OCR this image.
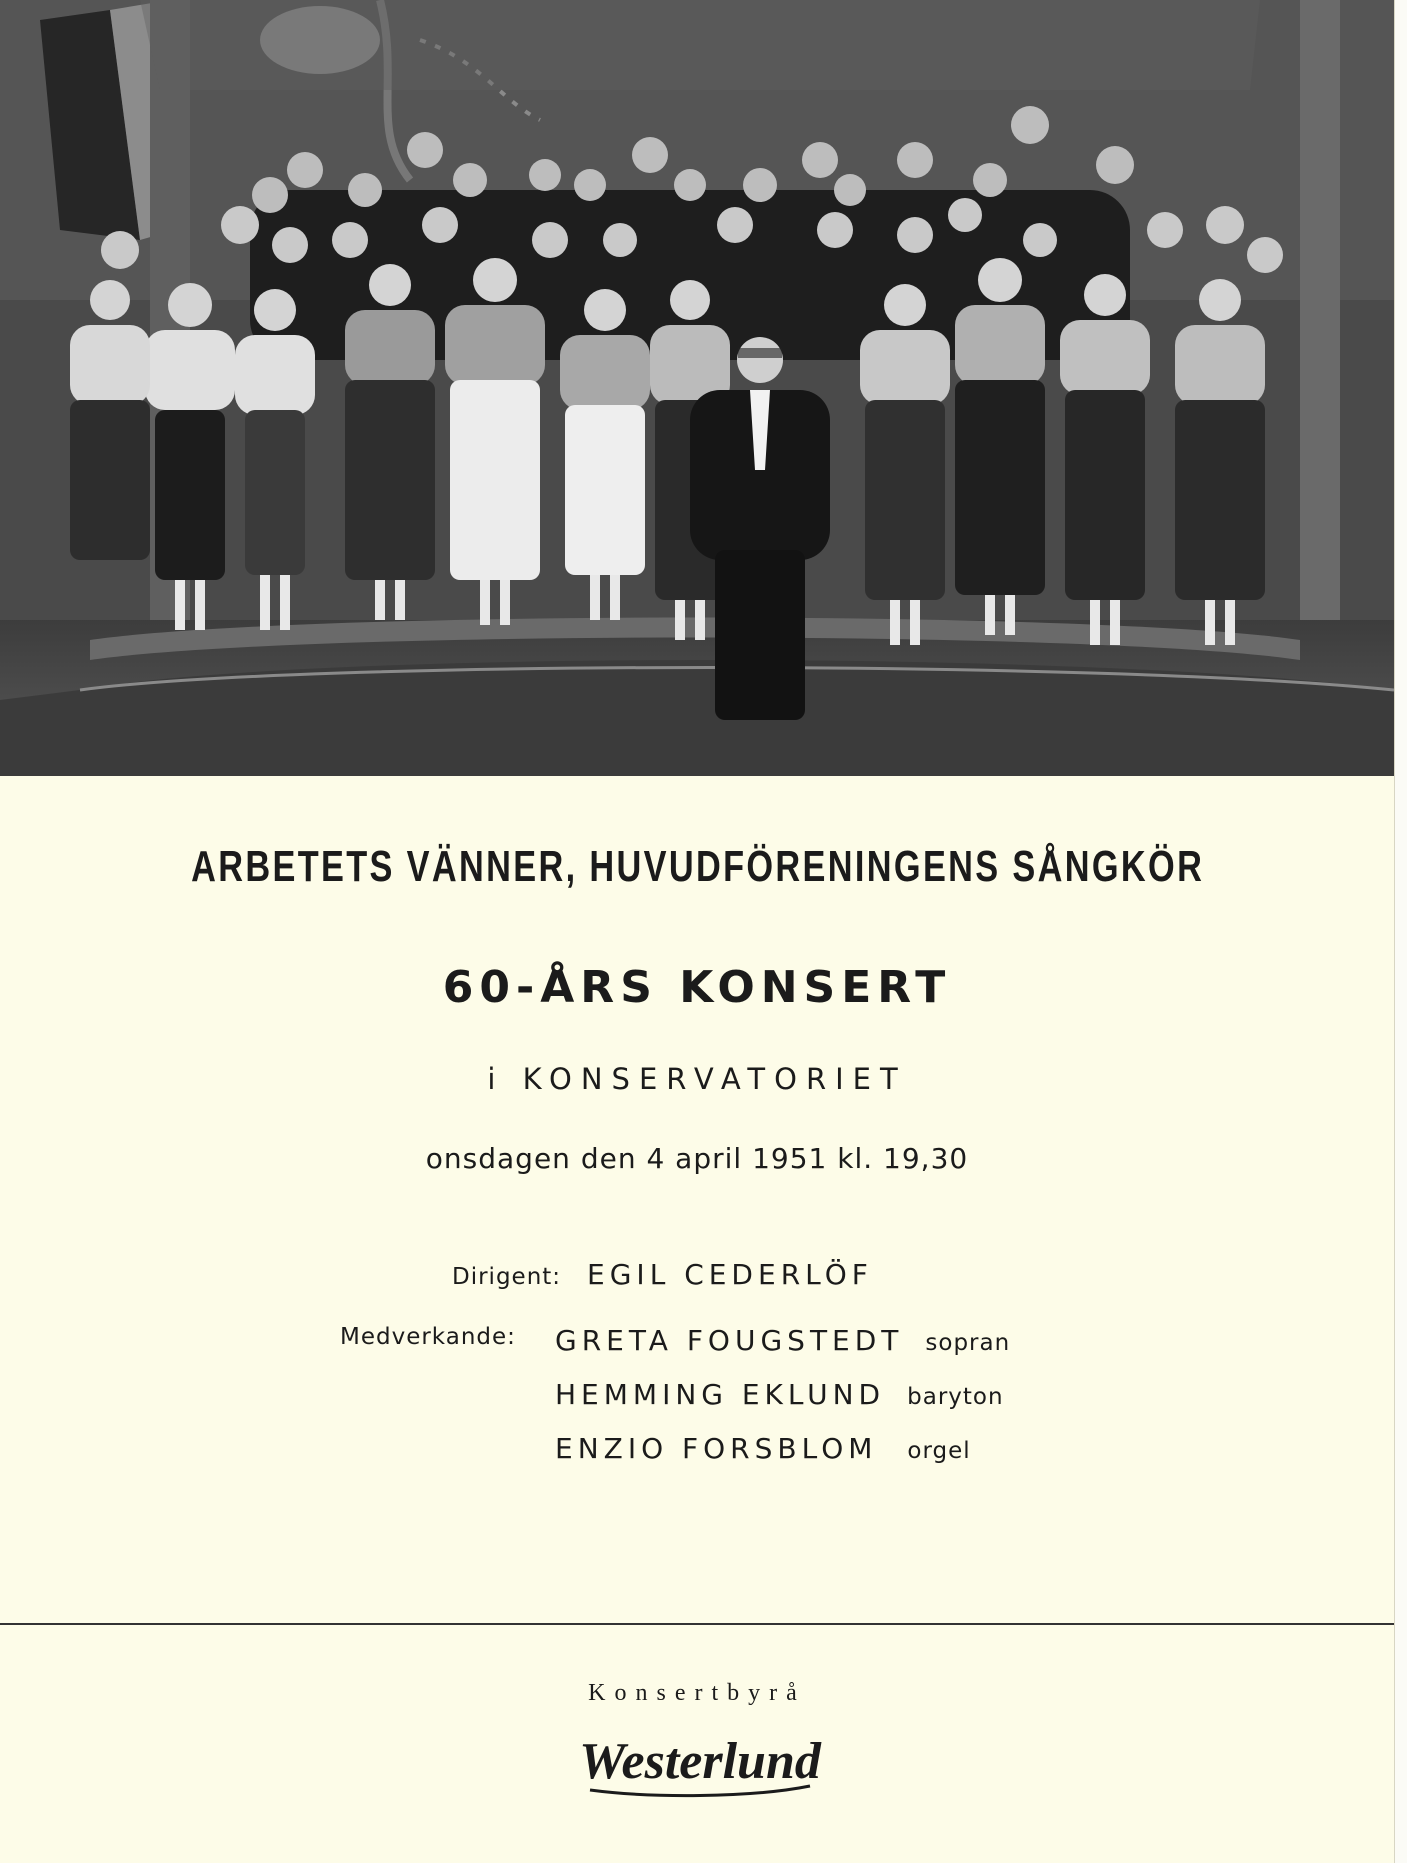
ARBETETS VÄNNER, HUVUDFÖRENINGENS SÅNGKÖR
60-ÅRS KONSERT
i KONSERVATORIET
onsdagen den 4 april 1951 kl. 19,30
Dirigent: EGIL CEDERLÖF
Medverkande: GRETA FOUGSTEDT sopran
HEMMING EKLUND baryton
ENZIO FORSBLOM orgel
Konsertbyrå
Westerlund
